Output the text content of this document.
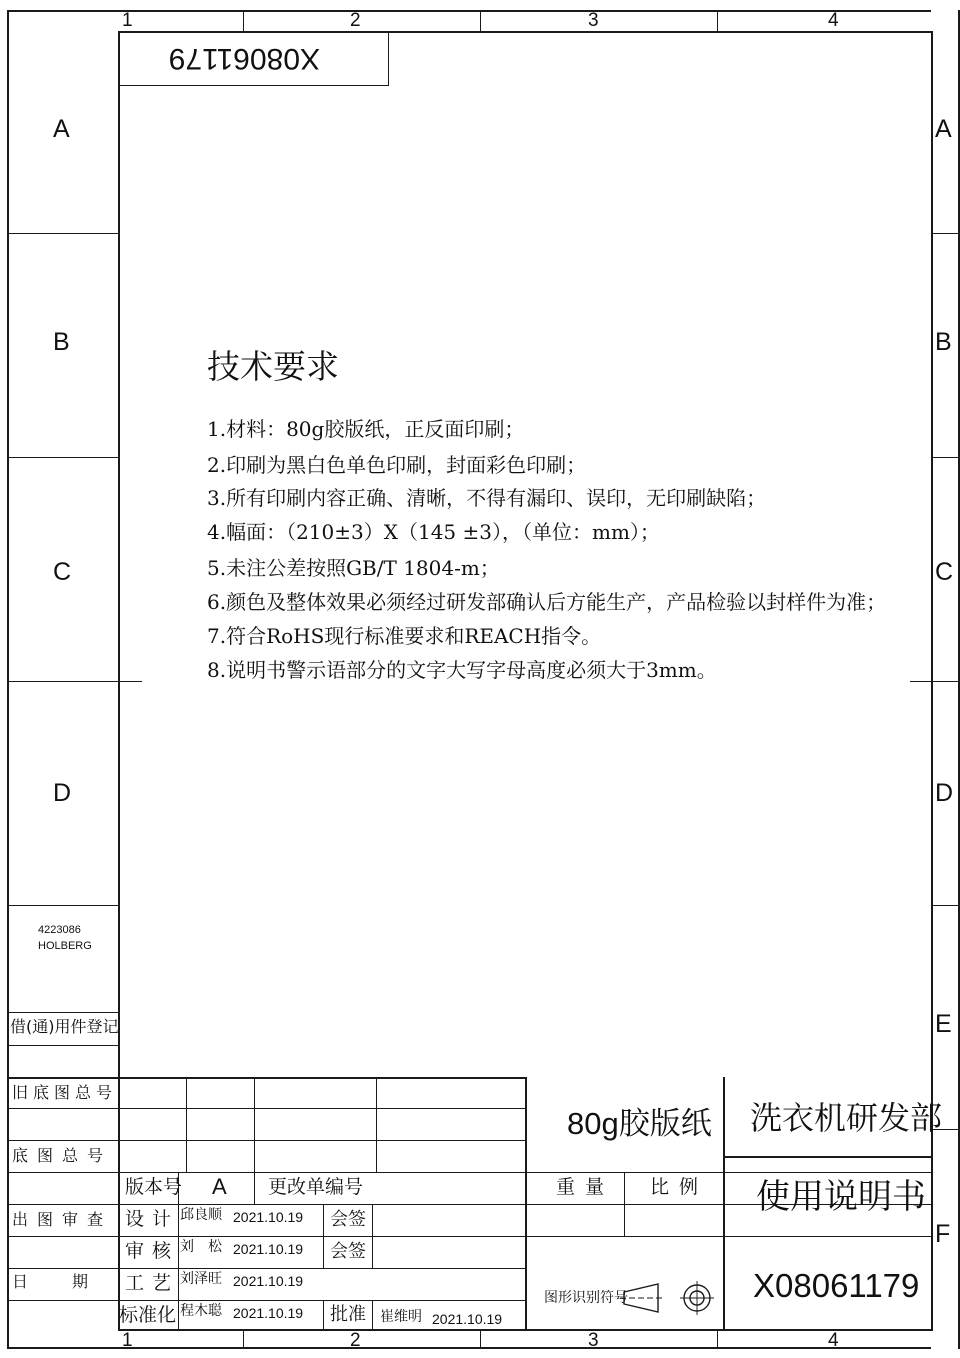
1	2	3	4
1	2	3	4
A
B
C
D
A
B
C
D
E
F
X08061179
技术要求
1.材料：80g胶版纸，正反面印刷；
2.印刷为黑白色单色印刷，封面彩色印刷；
3.所有印刷内容正确、清晰，不得有漏印、误印，无印刷缺陷；
4.幅面：（210±3）X（145 ±3），（单位：mm）；
5.未注公差按照GB/T 1804-m；
6.颜色及整体效果必须经过研发部确认后方能生产，产品检验以封样件为准；
7.符合RoHS现行标准要求和REACH指令。
8.说明书警示语部分的文字大写字母高度必须大于3mm。
4223086
HOLBERG
借(通)用件登记
旧底图总号
底图总号
出图审查
日　　期
版本号 A 更改单编号
设计 邱良顺 2021.10.19 会签
审核 刘　松 2021.10.19 会签
工艺 刘泽旺 2021.10.19
标准化 程木聪 2021.10.19 批准 崔维明 2021.10.19
80g胶版纸
重量 比例
图形识别符号
洗衣机研发部
使用说明书
X08061179
